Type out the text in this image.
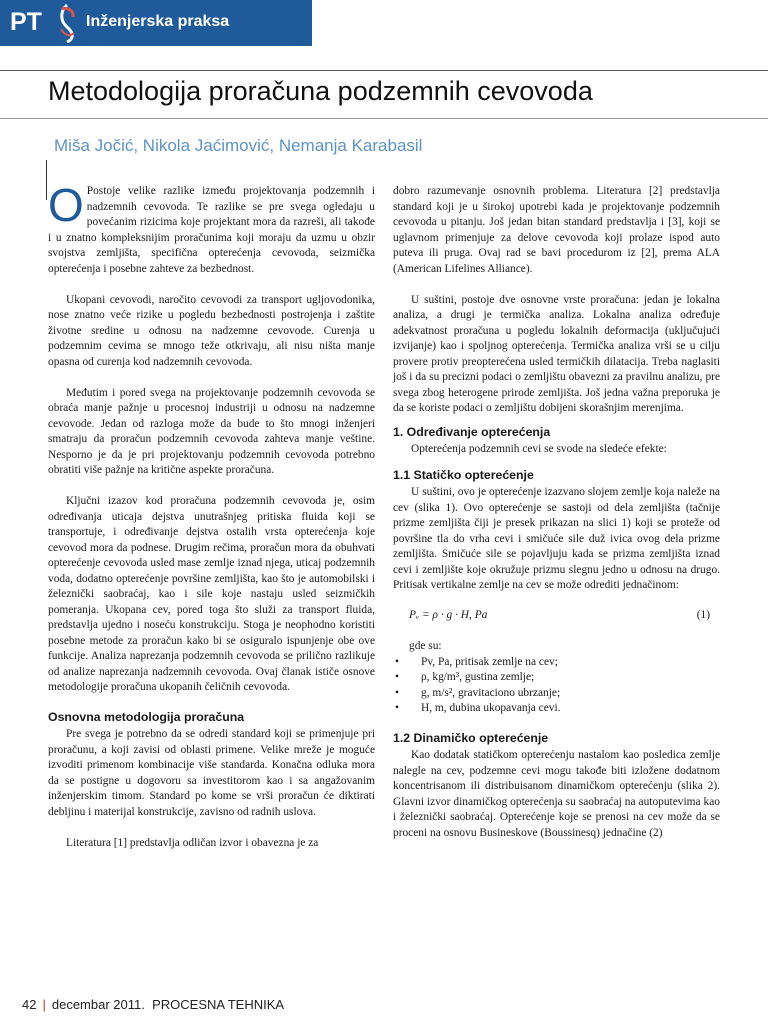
PT	Inženjerska praksa
Metodologija proračuna podzemnih cevovoda
Miša Jočić, Nikola Jaćimović, Nemanja Karabasil

O Postoje velike razlike između projektovanja podzemnih i nadzemnih cevovoda. Te razlike se pre svega ogledaju u povećanim rizicima koje projektant mora da razreši, ali takođe i u znatno kompleksnijim proračunima koji moraju da uzmu u obzir svojstva zemljišta, specifična opterećenja cevovoda, seizmička opterećenja i posebne zahteve za bezbednost.

Ukopani cevovodi, naročito cevovodi za transport ugljovodonika, nose znatno veće rizike u pogledu bezbednosti postrojenja i zaštite životne sredine u odnosu na nadzemne cevovode. Curenja u podzemnim cevima se mnogo teže otkrivaju, ali nisu ništa manje opasna od curenja kod nadzemnih cevovoda.

Međutim i pored svega na projektovanje podzemnih cevovoda se obraća manje pažnje u procesnoj industriji u odnosu na nadzemne cevovode. Jedan od razloga može da bude to što mnogi inženjeri smatraju da proračun podzemnih cevovoda zahteva manje veštine. Nesporno je da je pri projektovanju podzemnih cevovoda potrebno obratiti više pažnje na kritične aspekte proračuna.

Ključni izazov kod proračuna podzemnih cevovoda je, osim određivanja uticaja dejstva unutrašnjeg pritiska fluida koji se transportuje, i određivanje dejstva ostalih vrsta opterećenja koje cevovod mora da podnese. Drugim rečima, proračun mora da obuhvati opterećenje cevovoda usled mase zemlje iznad njega, uticaj podzemnih voda, dodatno opterećenje površine zemljišta, kao što je automobilski i železnički saobraćaj, kao i sile koje nastaju usled seizmičkih pomeranja. Ukopana cev, pored toga što služi za transport fluida, predstavlja ujedno i noseću konstrukciju. Stoga je neophodno koristiti posebne metode za proračun kako bi se osiguralo ispunjenje obe ove funkcije. Analiza naprezanja podzemnih cevovoda se prilično razlikuje od analize naprezanja nadzemnih cevovoda. Ovaj članak ističe osnove metodologije proračuna ukopanih čeličnih cevovoda.

Osnovna metodologija proračuna

Pre svega je potrebno da se odredi standard koji se primenjuje pri proračunu, a koji zavisi od oblasti primene. Velike mreže je moguće izvoditi primenom kombinacije više standarda. Konačna odluka mora da se postigne u dogovoru sa investitorom kao i sa angažovanim inženjerskim timom. Standard po kome se vrši proračun će diktirati debljinu i materijal konstrukcije, zavisno od radnih uslova.

Literatura [1] predstavlja odličan izvor i obavezna je za

dobro razumevanje osnovnih problema. Literatura [2] predstavlja standard koji je u širokoj upotrebi kada je projektovanje podzemnih cevovoda u pitanju. Još jedan bitan standard predstavlja i [3], koji se uglavnom primenjuje za delove cevovoda koji prolaze ispod auto puteva ili pruga. Ovaj rad se bavi procedurom iz [2], prema ALA (American Lifelines Alliance).

U suštini, postoje dve osnovne vrste proračuna: jedan je lokalna analiza, a drugi je termička analiza. Lokalna analiza određuje adekvatnost proračuna u pogledu lokalnih deformacija (uključujući izvijanje) kao i spoljnog opterećenja. Termička analiza vrši se u cilju provere protiv preopterećena usled termičkih dilatacija. Treba naglasiti još i da su precizni podaci o zemljištu obavezni za pravilnu analizu, pre svega zbog heterogene prirode zemljišta. Još jedna važna preporuka je da se koriste podaci o zemljištu dobijeni skorašnjim merenjima.

1. Određivanje opterećenja

Opterećenja podzemnih cevi se svode na sledeće efekte:

1.1 Statičko opterećenje

U suštini, ovo je opterećenje izazvano slojem zemlje koja naleže na cev (slika 1). Ovo opterećenje se sastoji od dela zemljišta (tačnije prizme zemljišta čiji je presek prikazan na slici 1) koji se proteže od površine tla do vrha cevi i smičuće sile duž ivica ovog dela prizme zemljišta. Smičuće sile se pojavljuju kada se prizma zemljišta iznad cevi i zemljište koje okružuje prizmu slegnu jedno u odnosu na drugo. Pritisak vertikalne zemlje na cev se može odrediti jednačinom:

Pᵥ = ρ · g · H, Pa	(1)
gde su:
• Pv, Pa, pritisak zemlje na cev;
• ρ, kg/m³, gustina zemlje;
• g, m/s², gravitaciono ubrzanje;
• H, m, dubina ukopavanja cevi.
1.2 Dinamičko opterećenje

Kao dodatak statičkom opterećenju nastalom kao posledica zemlje nalegle na cev, podzemne cevi mogu takođe biti izložene dodatnom koncentrisanom ili distribuisanom dinamičkom opterećenju (slika 2). Glavni izvor dinamičkog opterećenja su saobraćaj na autoputevima kao i železnički saobraćaj. Opterećenje koje se prenosi na cev može da se proceni na osnovu Businesk​ove (Boussinesq) jednačine (2)

42 | decembar 2011. PROCESNA TEHNIKA
